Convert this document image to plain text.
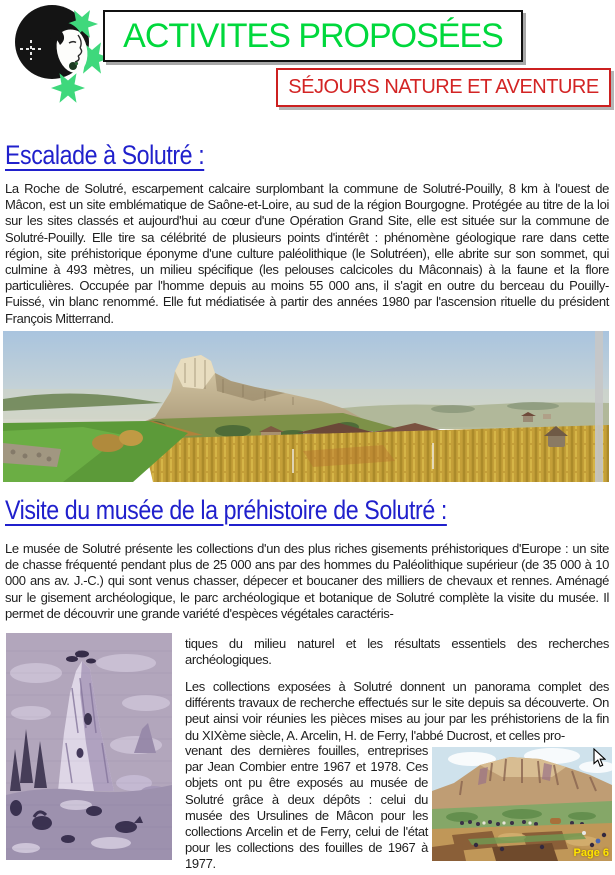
ACTIVITES PROPOSÉES
SÉJOURS NATURE ET AVENTURE
Escalade à Solutré :

La Roche de Solutré, escarpement calcaire surplombant la commune de Solutré-Pouilly, 8 km à l'ouest de Mâcon, est un site emblématique de Saône-et-Loire, au sud de la région Bourgogne. Protégée au titre de la loi sur les sites classés et aujourd'hui au cœur d'une Opération Grand Site, elle est située sur la commune de Solutré-Pouilly. Elle tire sa célébrité de plusieurs points d'intérêt : phénomène géologique rare dans cette région, site préhistorique éponyme d'une culture paléolithique (le Solutréen), elle abrite sur son sommet, qui culmine à 493 mètres, un milieu spécifique (les pelouses calcicoles du Mâconnais) à la faune et la flore particulières. Occupée par l'homme depuis au moins 55 000 ans, il s'agit en outre du berceau du Pouilly-Fuissé, vin blanc renommé. Elle fut médiatisée à partir des années 1980 par l'ascension rituelle du président François Mitterrand.

Visite du musée de la préhistoire de Solutré :

Le musée de Solutré présente les collections d'un des plus riches gisements préhistoriques d'Europe : un site de chasse fréquenté pendant plus de 25 000 ans par des hommes du Paléolithique supérieur (de 35 000 à 10 000 ans av. J.-C.) qui sont venus chasser, dépecer et boucaner des milliers de chevaux et rennes. Aménagé sur le gisement archéologique, le parc archéologique et botanique de Solutré complète la visite du musée. Il permet de découvrir une grande variété d'espèces végétales caractéris-

tiques du milieu naturel et les résultats essentiels des recherches archéologiques.

Les collections exposées à Solutré donnent un panorama complet des différents travaux de recherche effectués sur le site depuis sa découverte. On peut ainsi voir réunies les pièces mises au jour par les préhistoriens de la fin du XIXème siècle, A. Arcelin, H. de Ferry, l'abbé Ducrost, et celles pro-

venant des dernières fouilles, entreprises par Jean Combier entre 1967 et 1978. Ces objets ont pu être exposés au musée de Solutré grâce à deux dépôts : celui du musée des Ursulines de Mâcon pour les collections Arcelin et de Ferry, celui de l'état pour les collections des fouilles de 1967 à 1977.

Page 6
